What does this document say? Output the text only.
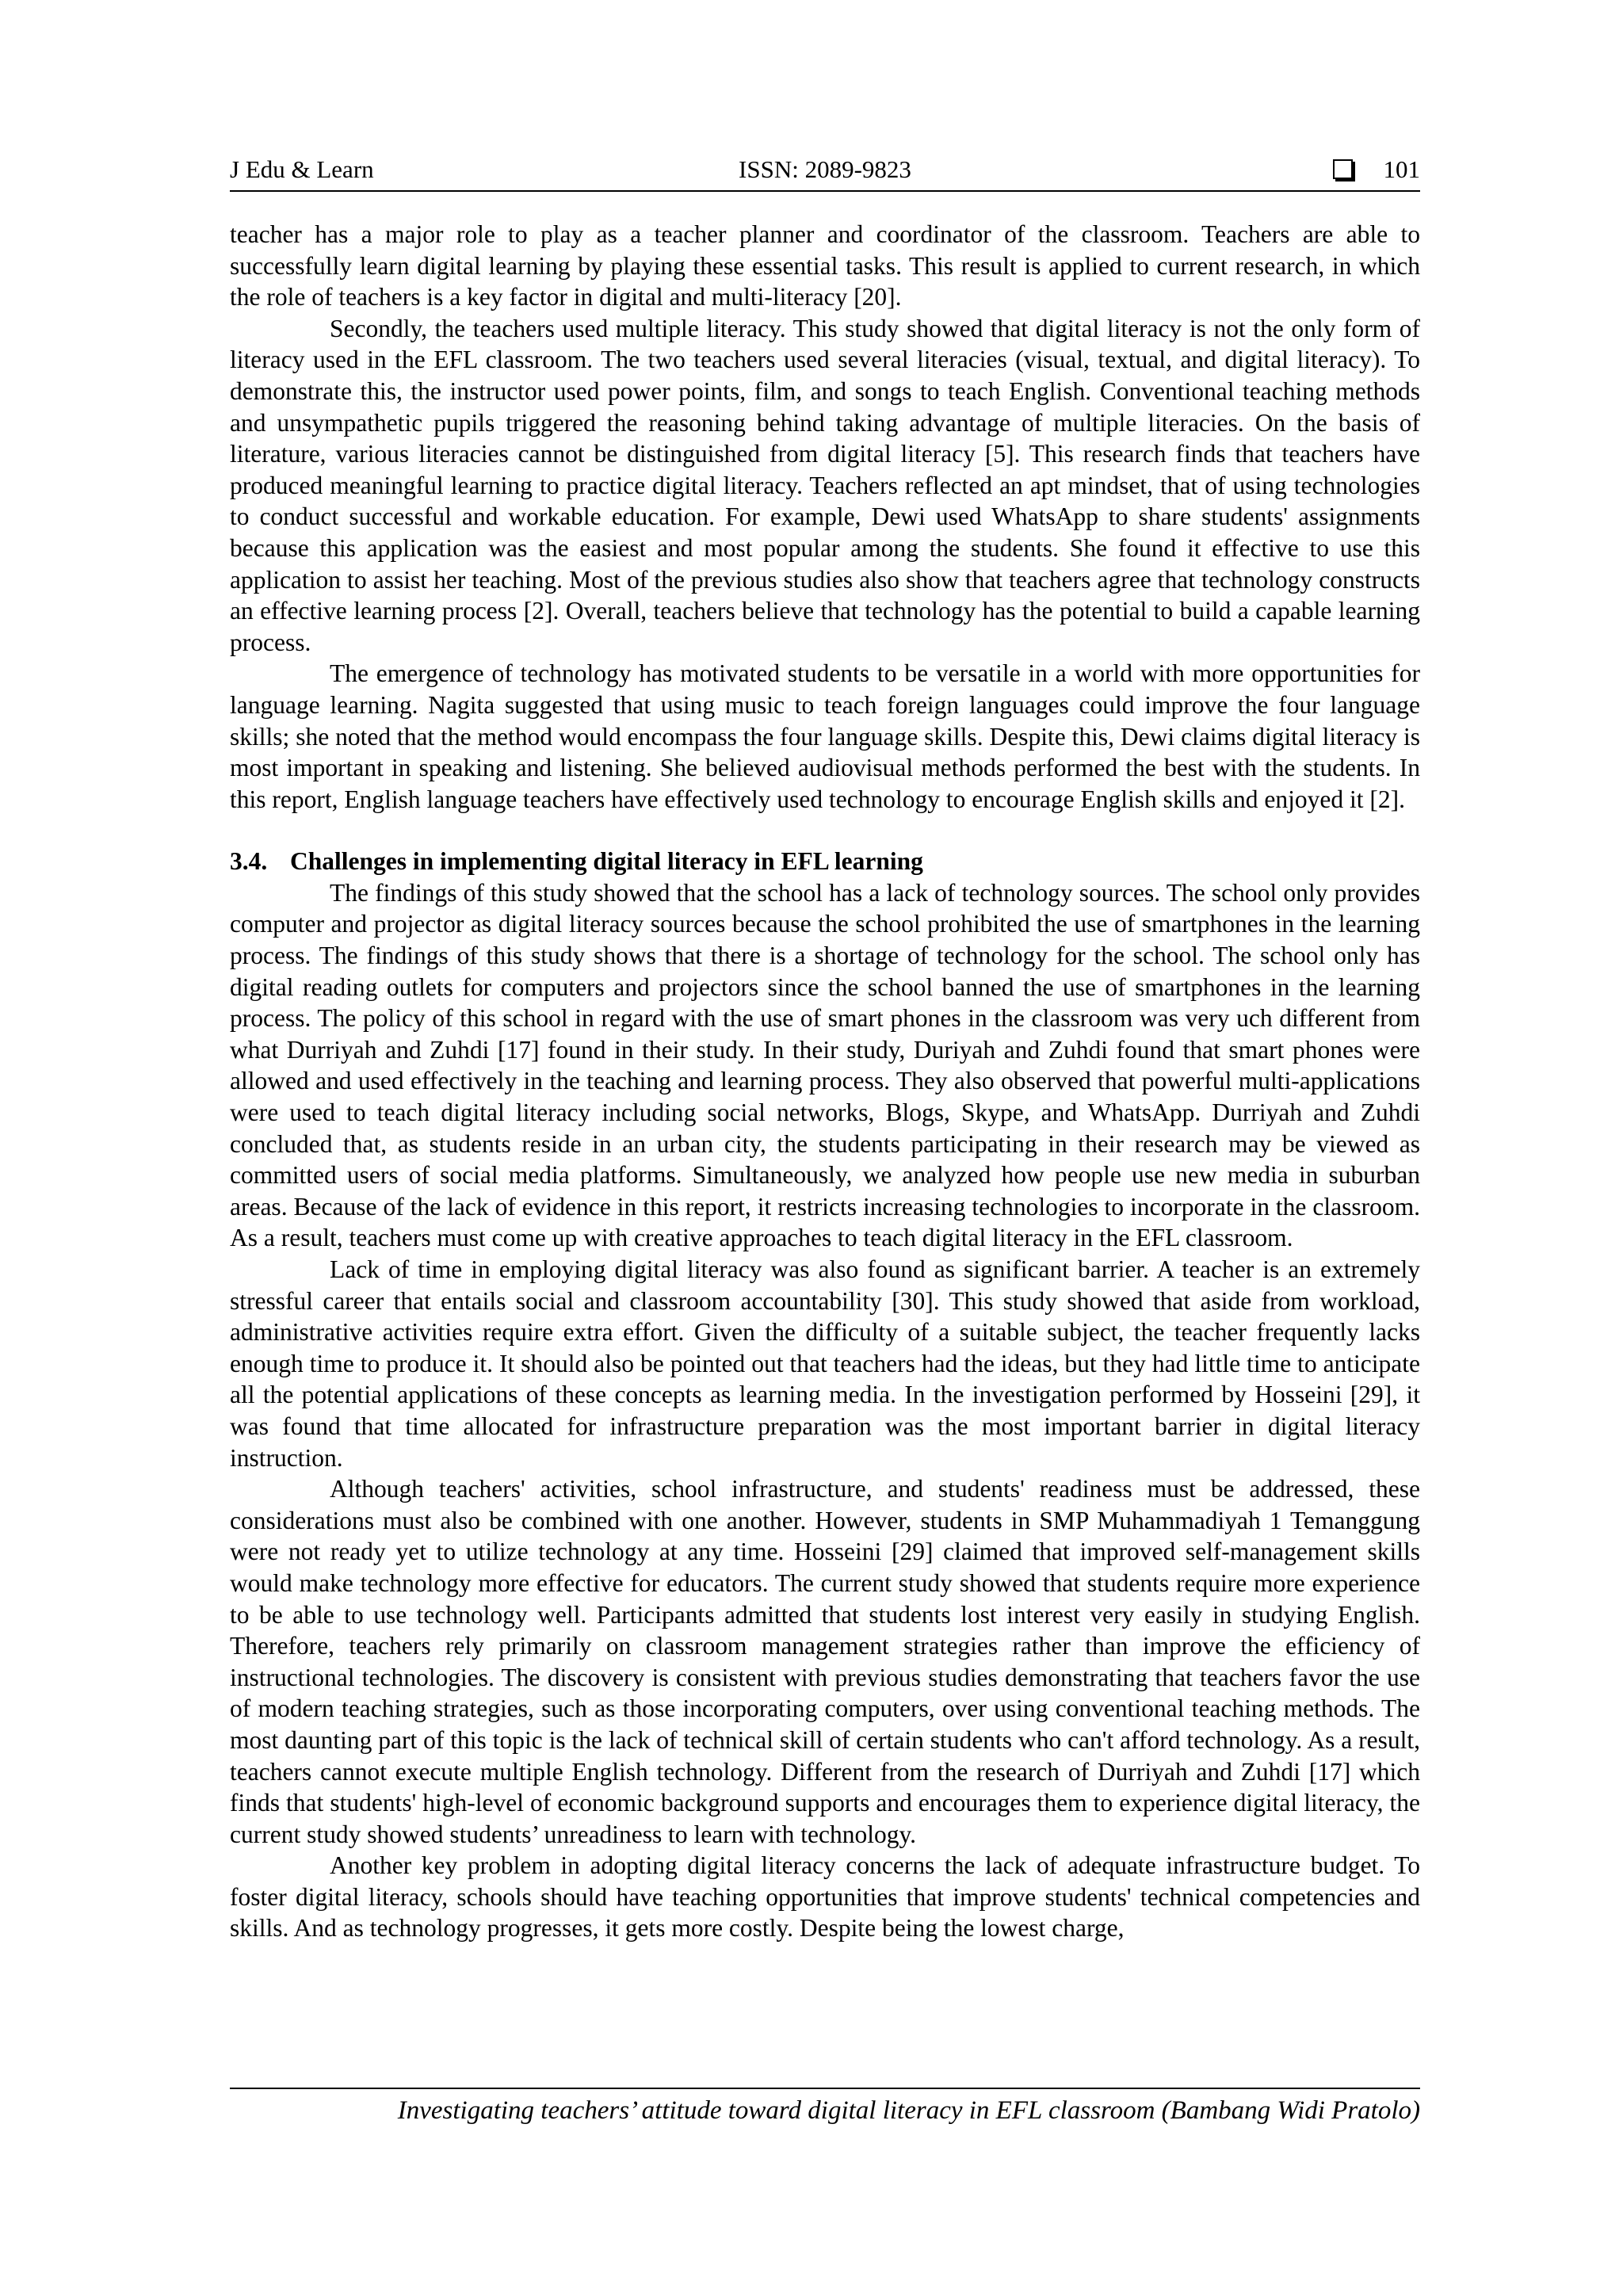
J Edu & Learn	ISSN: 2089-9823	101

teacher has a major role to play as a teacher planner and coordinator of the classroom. Teachers are able to successfully learn digital learning by playing these essential tasks. This result is applied to current research, in which the role of teachers is a key factor in digital and multi-literacy [20].

Secondly, the teachers used multiple literacy. This study showed that digital literacy is not the only form of literacy used in the EFL classroom. The two teachers used several literacies (visual, textual, and digital literacy). To demonstrate this, the instructor used power points, film, and songs to teach English. Conventional teaching methods and unsympathetic pupils triggered the reasoning behind taking advantage of multiple literacies. On the basis of literature, various literacies cannot be distinguished from digital literacy [5]. This research finds that teachers have produced meaningful learning to practice digital literacy. Teachers reflected an apt mindset, that of using technologies to conduct successful and workable education. For example, Dewi used WhatsApp to share students' assignments because this application was the easiest and most popular among the students. She found it effective to use this application to assist her teaching. Most of the previous studies also show that teachers agree that technology constructs an effective learning process [2]. Overall, teachers believe that technology has the potential to build a capable learning process.

The emergence of technology has motivated students to be versatile in a world with more opportunities for language learning. Nagita suggested that using music to teach foreign languages could improve the four language skills; she noted that the method would encompass the four language skills. Despite this, Dewi claims digital literacy is most important in speaking and listening. She believed audiovisual methods performed the best with the students. In this report, English language teachers have effectively used technology to encourage English skills and enjoyed it [2].

3.4. Challenges in implementing digital literacy in EFL learning

The findings of this study showed that the school has a lack of technology sources. The school only provides computer and projector as digital literacy sources because the school prohibited the use of smartphones in the learning process. The findings of this study shows that there is a shortage of technology for the school. The school only has digital reading outlets for computers and projectors since the school banned the use of smartphones in the learning process. The policy of this school in regard with the use of smart phones in the classroom was very uch different from what Durriyah and Zuhdi [17] found in their study. In their study, Duriyah and Zuhdi found that smart phones were allowed and used effectively in the teaching and learning process. They also observed that powerful multi-applications were used to teach digital literacy including social networks, Blogs, Skype, and WhatsApp. Durriyah and Zuhdi concluded that, as students reside in an urban city, the students participating in their research may be viewed as committed users of social media platforms. Simultaneously, we analyzed how people use new media in suburban areas. Because of the lack of evidence in this report, it restricts increasing technologies to incorporate in the classroom. As a result, teachers must come up with creative approaches to teach digital literacy in the EFL classroom.

Lack of time in employing digital literacy was also found as significant barrier. A teacher is an extremely stressful career that entails social and classroom accountability [30]. This study showed that aside from workload, administrative activities require extra effort. Given the difficulty of a suitable subject, the teacher frequently lacks enough time to produce it. It should also be pointed out that teachers had the ideas, but they had little time to anticipate all the potential applications of these concepts as learning media. In the investigation performed by Hosseini [29], it was found that time allocated for infrastructure preparation was the most important barrier in digital literacy instruction.

Although teachers' activities, school infrastructure, and students' readiness must be addressed, these considerations must also be combined with one another. However, students in SMP Muhammadiyah 1 Temanggung were not ready yet to utilize technology at any time. Hosseini [29] claimed that improved self-management skills would make technology more effective for educators. The current study showed that students require more experience to be able to use technology well. Participants admitted that students lost interest very easily in studying English. Therefore, teachers rely primarily on classroom management strategies rather than improve the efficiency of instructional technologies. The discovery is consistent with previous studies demonstrating that teachers favor the use of modern teaching strategies, such as those incorporating computers, over using conventional teaching methods. The most daunting part of this topic is the lack of technical skill of certain students who can't afford technology. As a result, teachers cannot execute multiple English technology. Different from the research of Durriyah and Zuhdi [17] which finds that students' high-level of economic background supports and encourages them to experience digital literacy, the current study showed students’ unreadiness to learn with technology.

Another key problem in adopting digital literacy concerns the lack of adequate infrastructure budget. To foster digital literacy, schools should have teaching opportunities that improve students' technical competencies and skills. And as technology progresses, it gets more costly. Despite being the lowest charge,

Investigating teachers’ attitude toward digital literacy in EFL classroom (Bambang Widi Pratolo)
